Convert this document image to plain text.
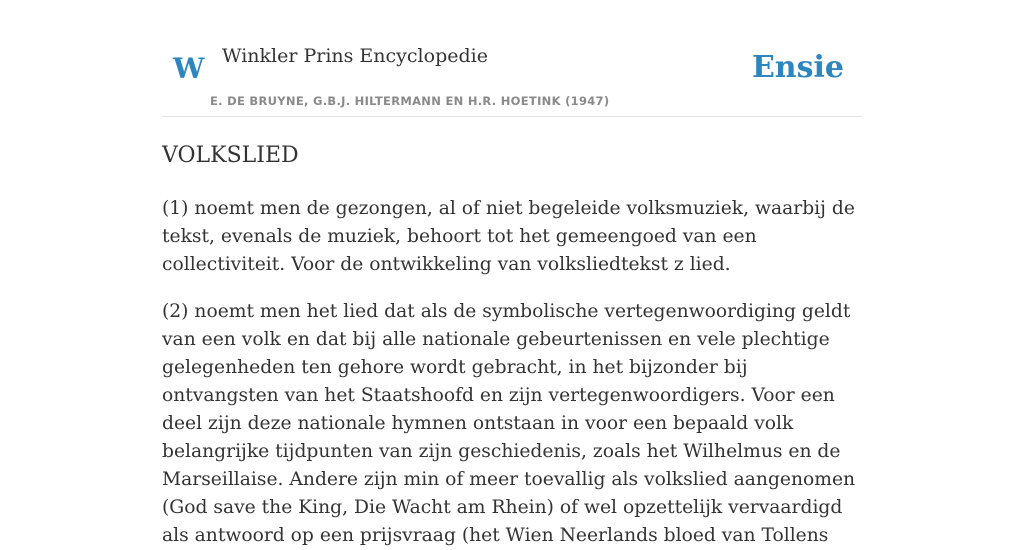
W Winkler Prins Encyclopedie
E. DE BRUYNE, G.B.J. HILTERMANN EN H.R. HOETINK (1947)
Ensie
VOLKSLIED

(1) noemt men de gezongen, al of niet begeleide volksmuziek, waarbij de tekst, evenals de muziek, behoort tot het gemeengoed van een collectiviteit. Voor de ontwikkeling van volksliedtekst z lied.

(2) noemt men het lied dat als de symbolische vertegenwoordiging geldt van een volk en dat bij alle nationale gebeurtenissen en vele plechtige gelegenheden ten gehore wordt gebracht, in het bijzonder bij ontvangsten van het Staatshoofd en zijn vertegenwoordigers. Voor een deel zijn deze nationale hymnen ontstaan in voor een bepaald volk belangrijke tijdpunten van zijn geschiedenis, zoals het Wilhelmus en de Marseillaise. Andere zijn min of meer toevallig als volkslied aangenomen (God save the King, Die Wacht am Rhein) of wel opzettelijk vervaardigd als antwoord op een prijsvraag (het Wien Neerlands bloed van Tollens
